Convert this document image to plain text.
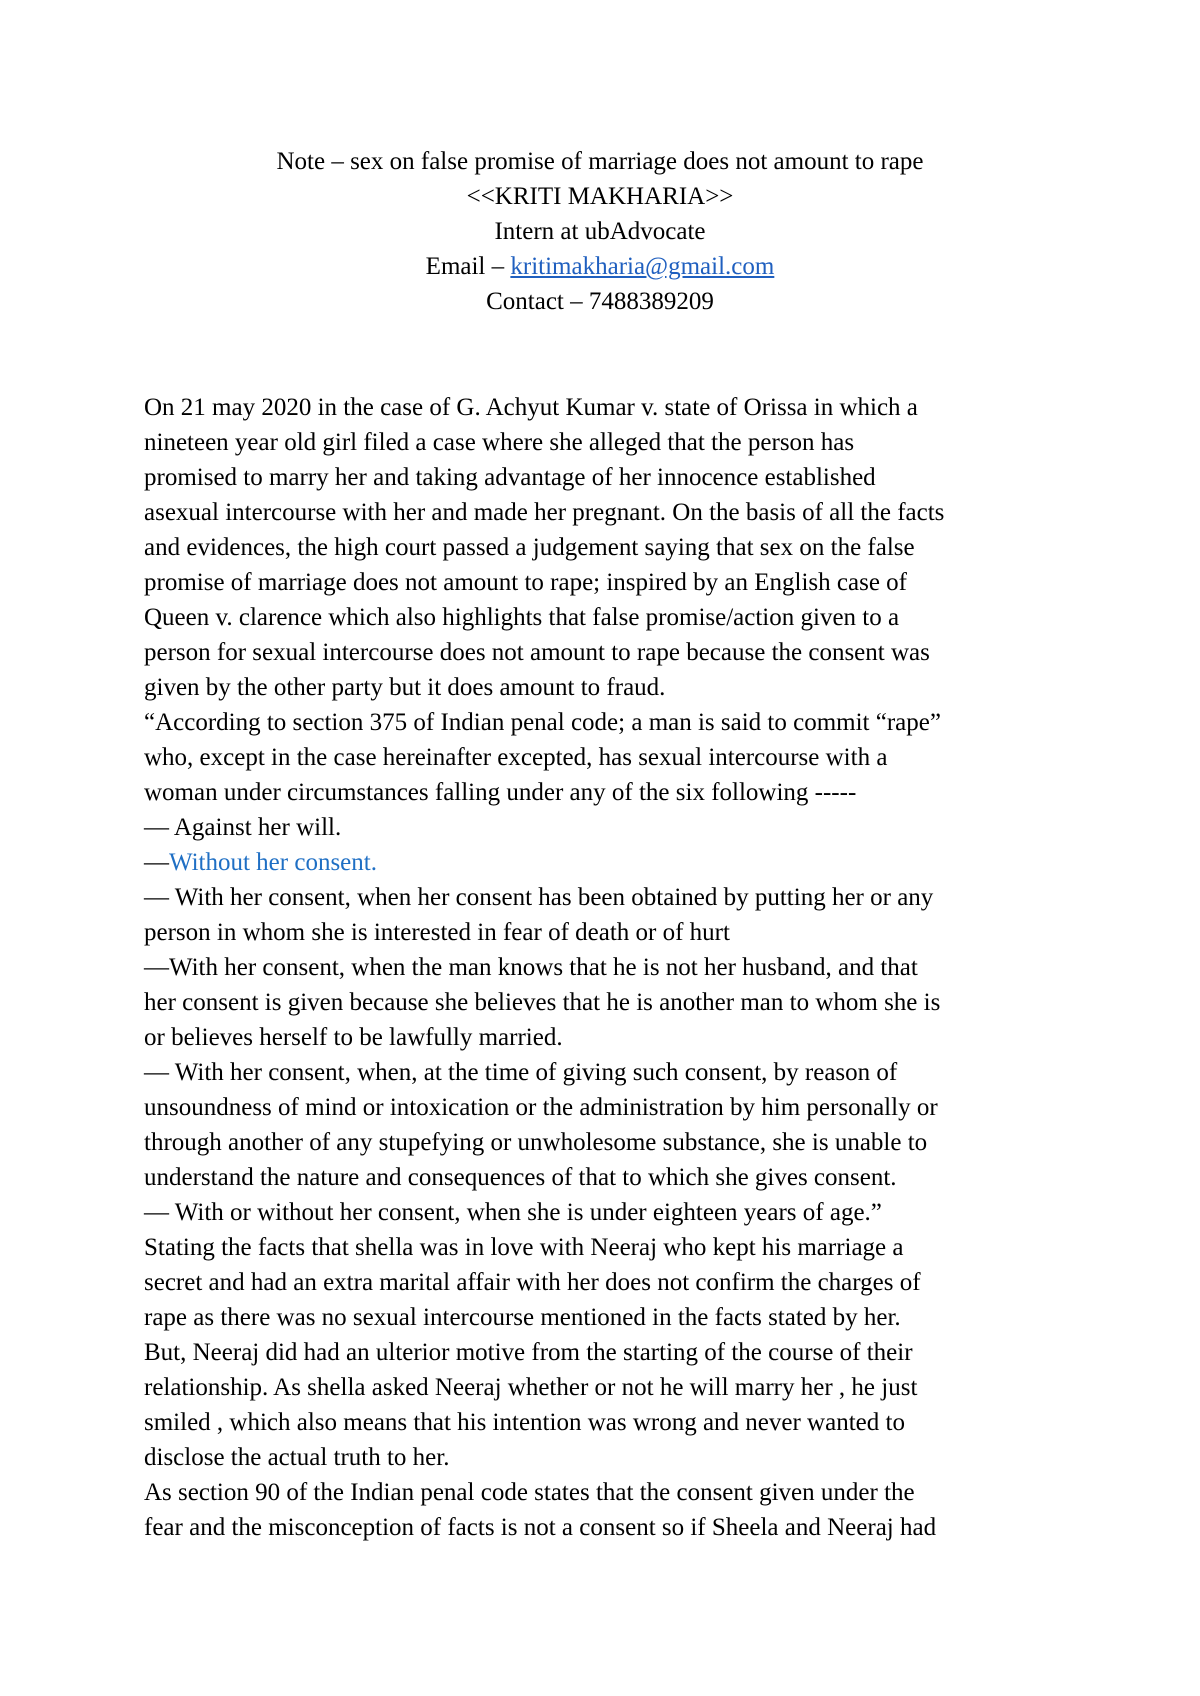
Note – sex on false promise of marriage does not amount to rape
<<KRITI MAKHARIA>>
Intern at ubAdvocate
Email – kritimakharia@gmail.com
Contact – 7488389209
On 21 may 2020 in the case of G. Achyut Kumar v. state of Orissa in which a
nineteen year old girl filed a case where she alleged that the person has
promised to marry her and taking advantage of her innocence established
asexual intercourse with her and made her pregnant. On the basis of all the facts
and evidences, the high court passed a judgement saying that sex on the false
promise of marriage does not amount to rape; inspired by an English case of
Queen v. clarence which also highlights that false promise/action given to a
person for sexual intercourse does not amount to rape because the consent was
given by the other party but it does amount to fraud.
“According to section 375 of Indian penal code; a man is said to commit “rape”
who, except in the case hereinafter excepted, has sexual intercourse with a
woman under circumstances falling under any of the six following -----
— Against her will.
—Without her consent.
— With her consent, when her consent has been obtained by putting her or any
person in whom she is interested in fear of death or of hurt
—With her consent, when the man knows that he is not her husband, and that
her consent is given because she believes that he is another man to whom she is
or believes herself to be lawfully married.
— With her consent, when, at the time of giving such consent, by reason of
unsoundness of mind or intoxication or the administration by him personally or
through another of any stupefying or unwholesome substance, she is unable to
understand the nature and consequences of that to which she gives consent.
— With or without her consent, when she is under eighteen years of age.”
Stating the facts that shella was in love with Neeraj who kept his marriage a
secret and had an extra marital affair with her does not confirm the charges of
rape as there was no sexual intercourse mentioned in the facts stated by her.
But, Neeraj did had an ulterior motive from the starting of the course of their
relationship. As shella asked Neeraj whether or not he will marry her , he just
smiled , which also means that his intention was wrong and never wanted to
disclose the actual truth to her.
As section 90 of the Indian penal code states that the consent given under the
fear and the misconception of facts is not a consent so if Sheela and Neeraj had
